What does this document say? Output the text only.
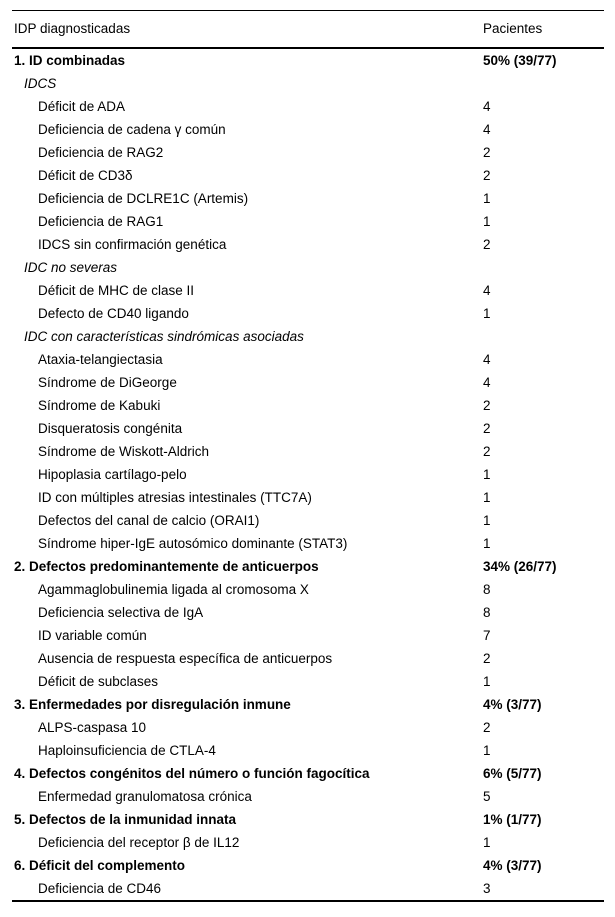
IDP diagnosticadas	Pacientes
1. ID combinadas	50% (39/77)
IDCS	
Déficit de ADA	4
Deficiencia de cadena γ común	4
Deficiencia de RAG2	2
Déficit de CD3δ	2
Deficiencia de DCLRE1C (Artemis)	1
Deficiencia de RAG1	1
IDCS sin confirmación genética	2
IDC no severas	
Déficit de MHC de clase II	4
Defecto de CD40 ligando	1
IDC con características sindrómicas asociadas	
Ataxia-telangiectasia	4
Síndrome de DiGeorge	4
Síndrome de Kabuki	2
Disqueratosis congénita	2
Síndrome de Wiskott-Aldrich	2
Hipoplasia cartílago-pelo	1
ID con múltiples atresias intestinales (TTC7A)	1
Defectos del canal de calcio (ORAI1)	1
Síndrome hiper-IgE autosómico dominante (STAT3)	1
2. Defectos predominantemente de anticuerpos	34% (26/77)
Agammaglobulinemia ligada al cromosoma X	8
Deficiencia selectiva de IgA	8
ID variable común	7
Ausencia de respuesta específica de anticuerpos	2
Déficit de subclases	1
3. Enfermedades por disregulación inmune	4% (3/77)
ALPS-caspasa 10	2
Haploinsuficiencia de CTLA-4	1
4. Defectos congénitos del número o función fagocítica	6% (5/77)
Enfermedad granulomatosa crónica	5
5. Defectos de la inmunidad innata	1% (1/77)
Deficiencia del receptor β de IL12	1
6. Déficit del complemento	4% (3/77)
Deficiencia de CD46	3
